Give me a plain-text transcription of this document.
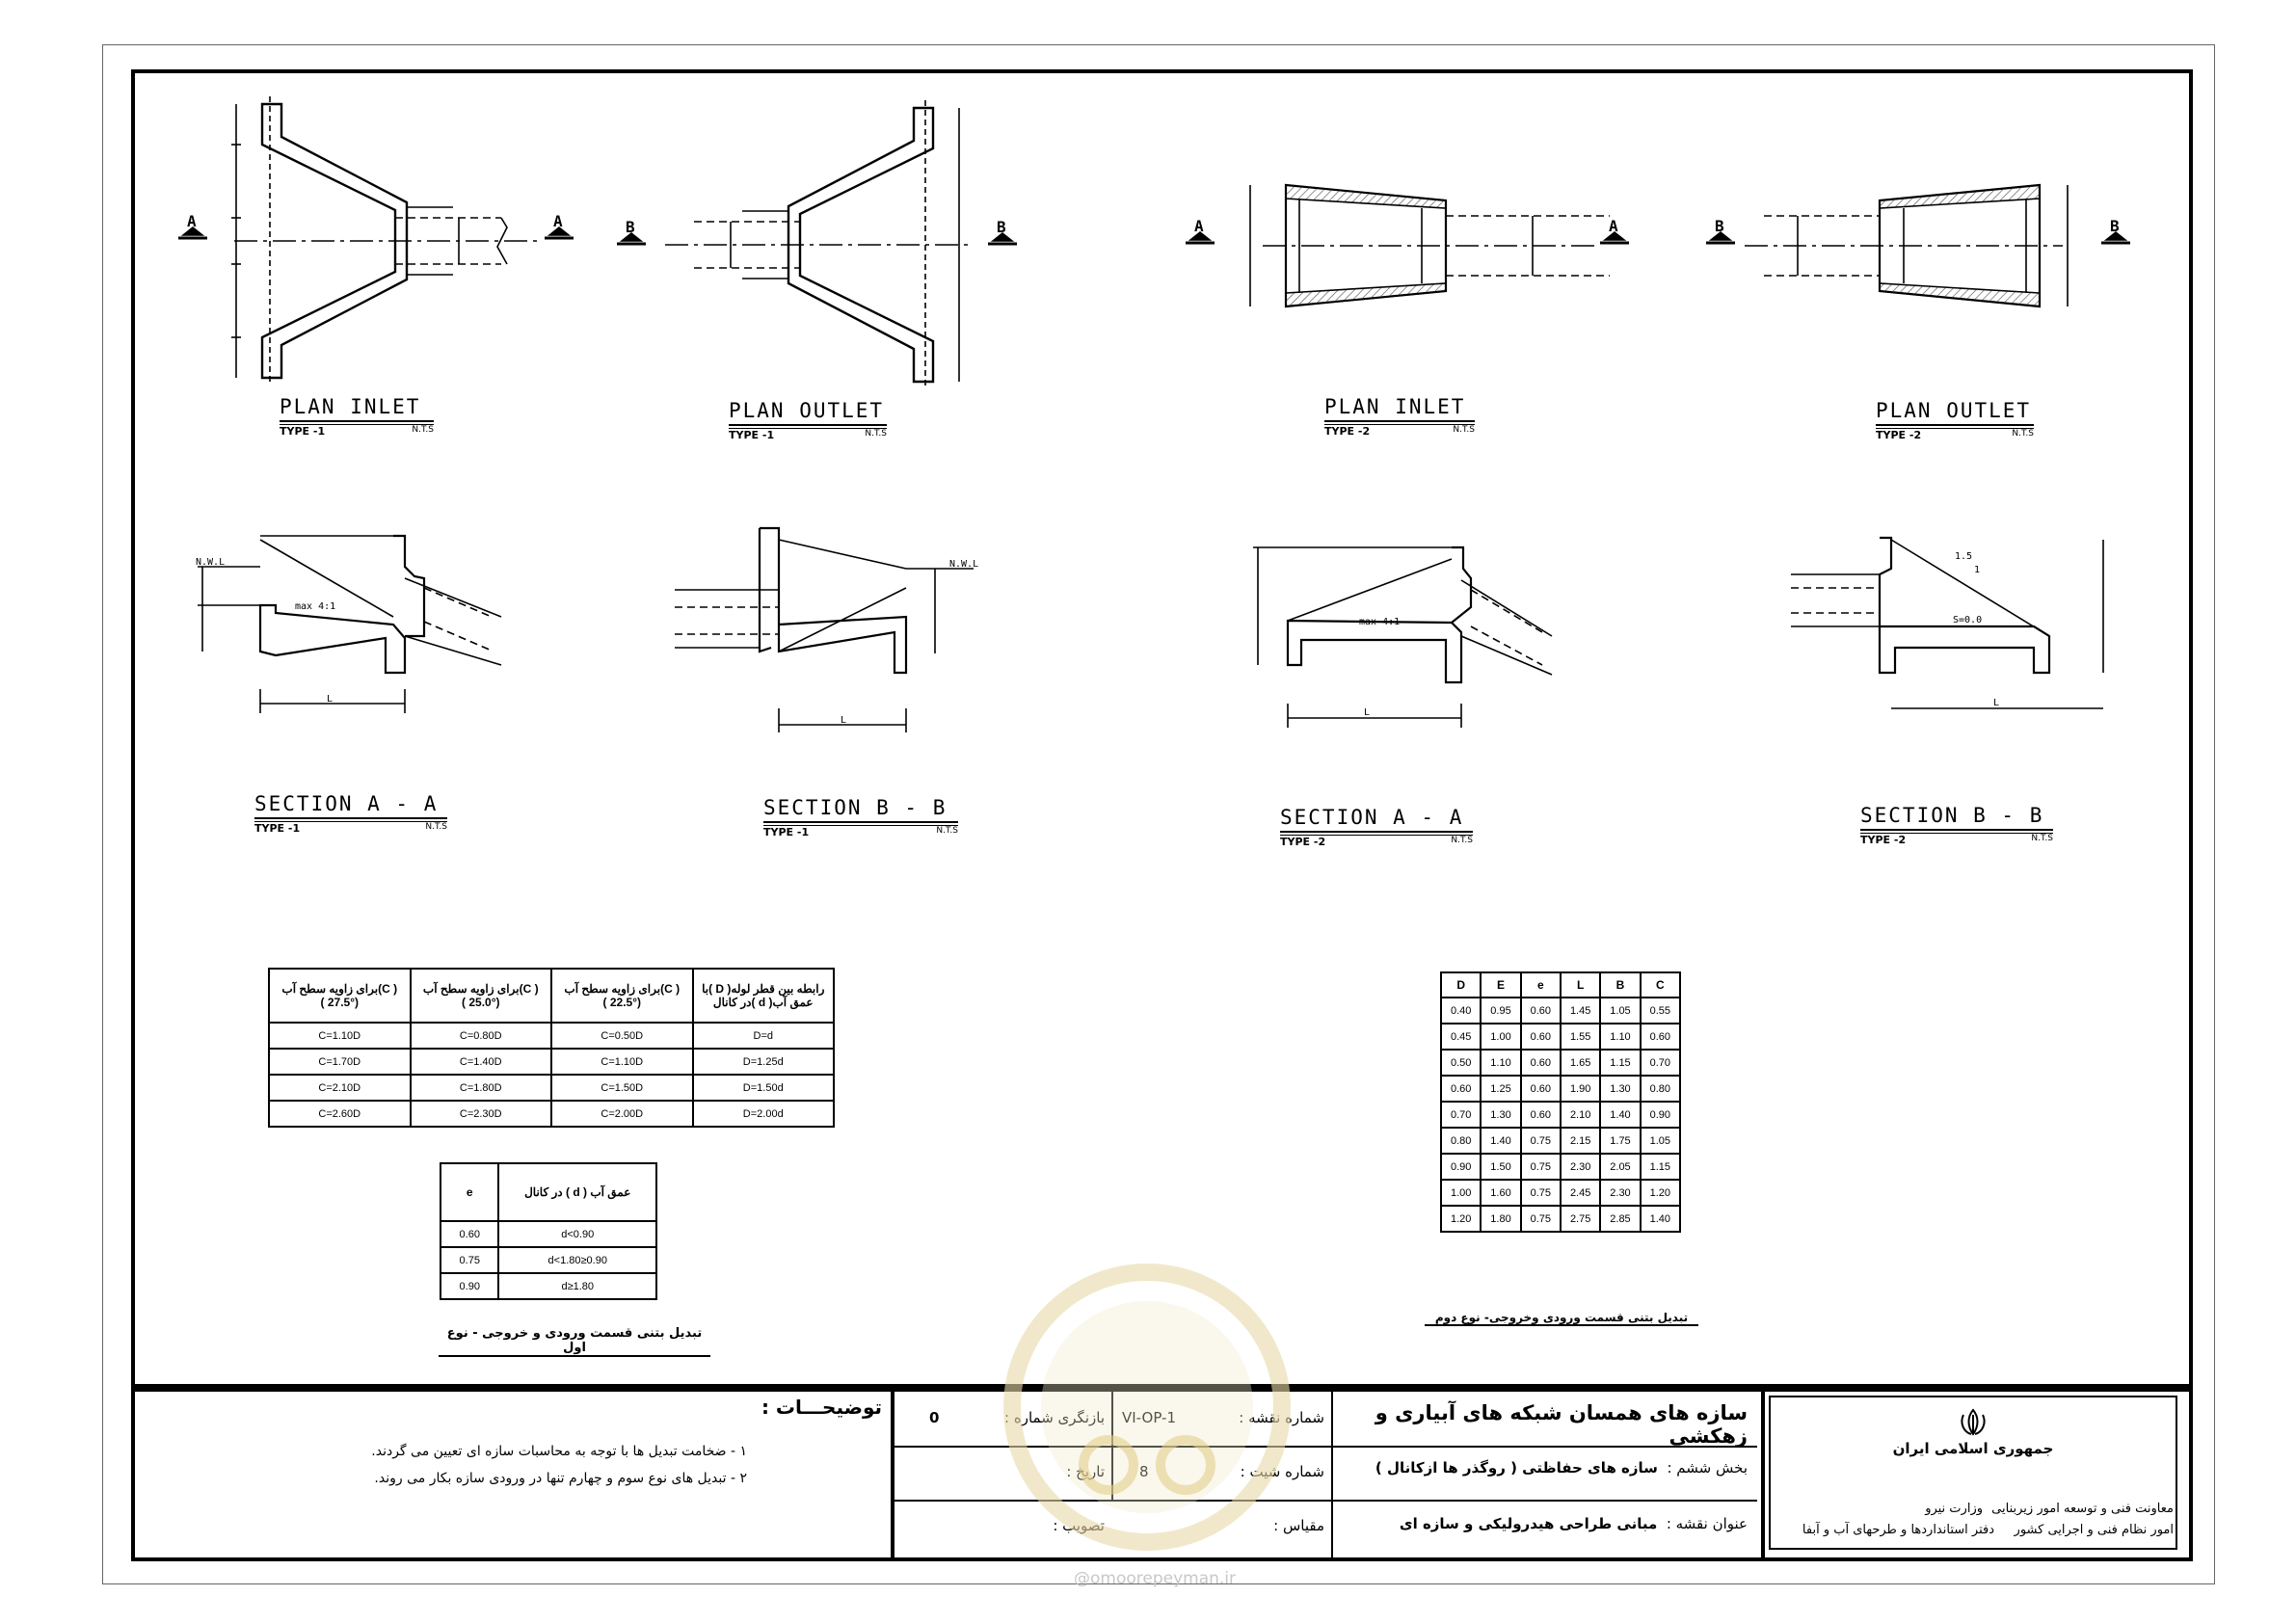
A	A	B	B	A	A	B	B
N.W.L	N.W.L
max 4:1
max 4:1
L
L
L
L
S=0.0
1.5
1
PLAN INLET
TYPE -1	N.T.S
PLAN OUTLET
TYPE -1	N.T.S
PLAN INLET
TYPE -2	N.T.S
PLAN OUTLET
TYPE -2	N.T.S
SECTION A - A
TYPE -1	N.T.S
SECTION B - B
TYPE -1	N.T.S
SECTION A - A
TYPE -2	N.T.S
SECTION B - B
TYPE -2	N.T.S
رابطه بین قطر لوله( D )با عمق آب( d )در کانال	( C)برای زاویه سطح آب (°22.5 )	( C)برای زاویه سطح آب (°25.0 )	( C)برای زاویه سطح آب (°27.5 )
D=d	C=0.50D	C=0.80D	C=1.10D
D=1.25d	C=1.10D	C=1.40D	C=1.70D
D=1.50d	C=1.50D	C=1.80D	C=2.10D
D=2.00d	C=2.00D	C=2.30D	C=2.60D
عمق آب ( d ) در کانال	e
d<0.90	0.60
0.90≤d<1.80	0.75
1.80≤d	0.90
D	E	e	L	B	C
0.40	0.95	0.60	1.45	1.05	0.55
0.45	1.00	0.60	1.55	1.10	0.60
0.50	1.10	0.60	1.65	1.15	0.70
0.60	1.25	0.60	1.90	1.30	0.80
0.70	1.30	0.60	2.10	1.40	0.90
0.80	1.40	0.75	2.15	1.75	1.05
0.90	1.50	0.75	2.30	2.05	1.15
1.00	1.60	0.75	2.45	2.30	1.20
1.20	1.80	0.75	2.75	2.85	1.40
تبدیل بتنی قسمت ورودی و خروجی - نوع اول
تبدیل بتنی قسمت ورودی وخروجی- نوع دوم
توضیحـــات :
۱ - ضخامت تبدیل ها با توجه به محاسبات سازه ای تعیین می گردند.
۲ - تبدیل های نوع سوم و چهارم تنها در ورودی سازه بکار می روند.
سازه های همسان شبکه های آبیاری و زهکشی
بخش ششم :  سازه های حفاظتی ( روگذر ها ازکانال )
عنوان نقشه :  مبانی طراحی هیدرولیکی و سازه ای
VI-OP-1	شماره نقشه :
0	بازنگری شماره :
8	شماره شیت :
تاریخ :
مقیاس :
تصویب :
جمهوری اسلامی ایران
وزارت نیرو معاونت فنی و توسعه امور زیربنایی
امور نظام فنی و اجرایی کشور
دفتر استانداردها و طرحهای آب و آبفا
@omoorepeyman.ir
